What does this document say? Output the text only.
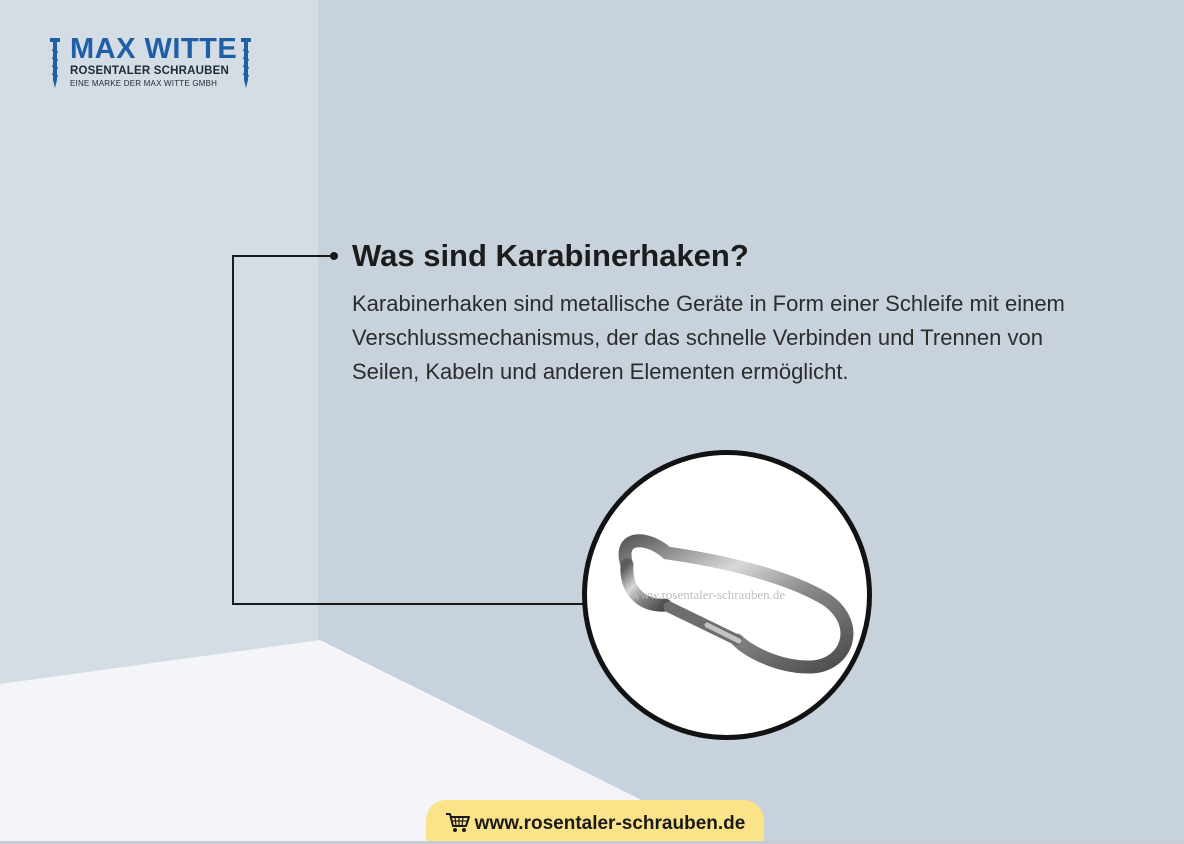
MAX WITTE
ROSENTALER SCHRAUBEN
EINE MARKE DER MAX WITTE GMBH
Was sind Karabinerhaken?
Karabinerhaken sind metallische Geräte in Form einer Schleife mit einem Verschlussmechanismus, der das schnelle Verbinden und Trennen von Seilen, Kabeln und anderen Elementen ermöglicht.
www.rosentaler-schrauben.de
www.rosentaler-schrauben.de
